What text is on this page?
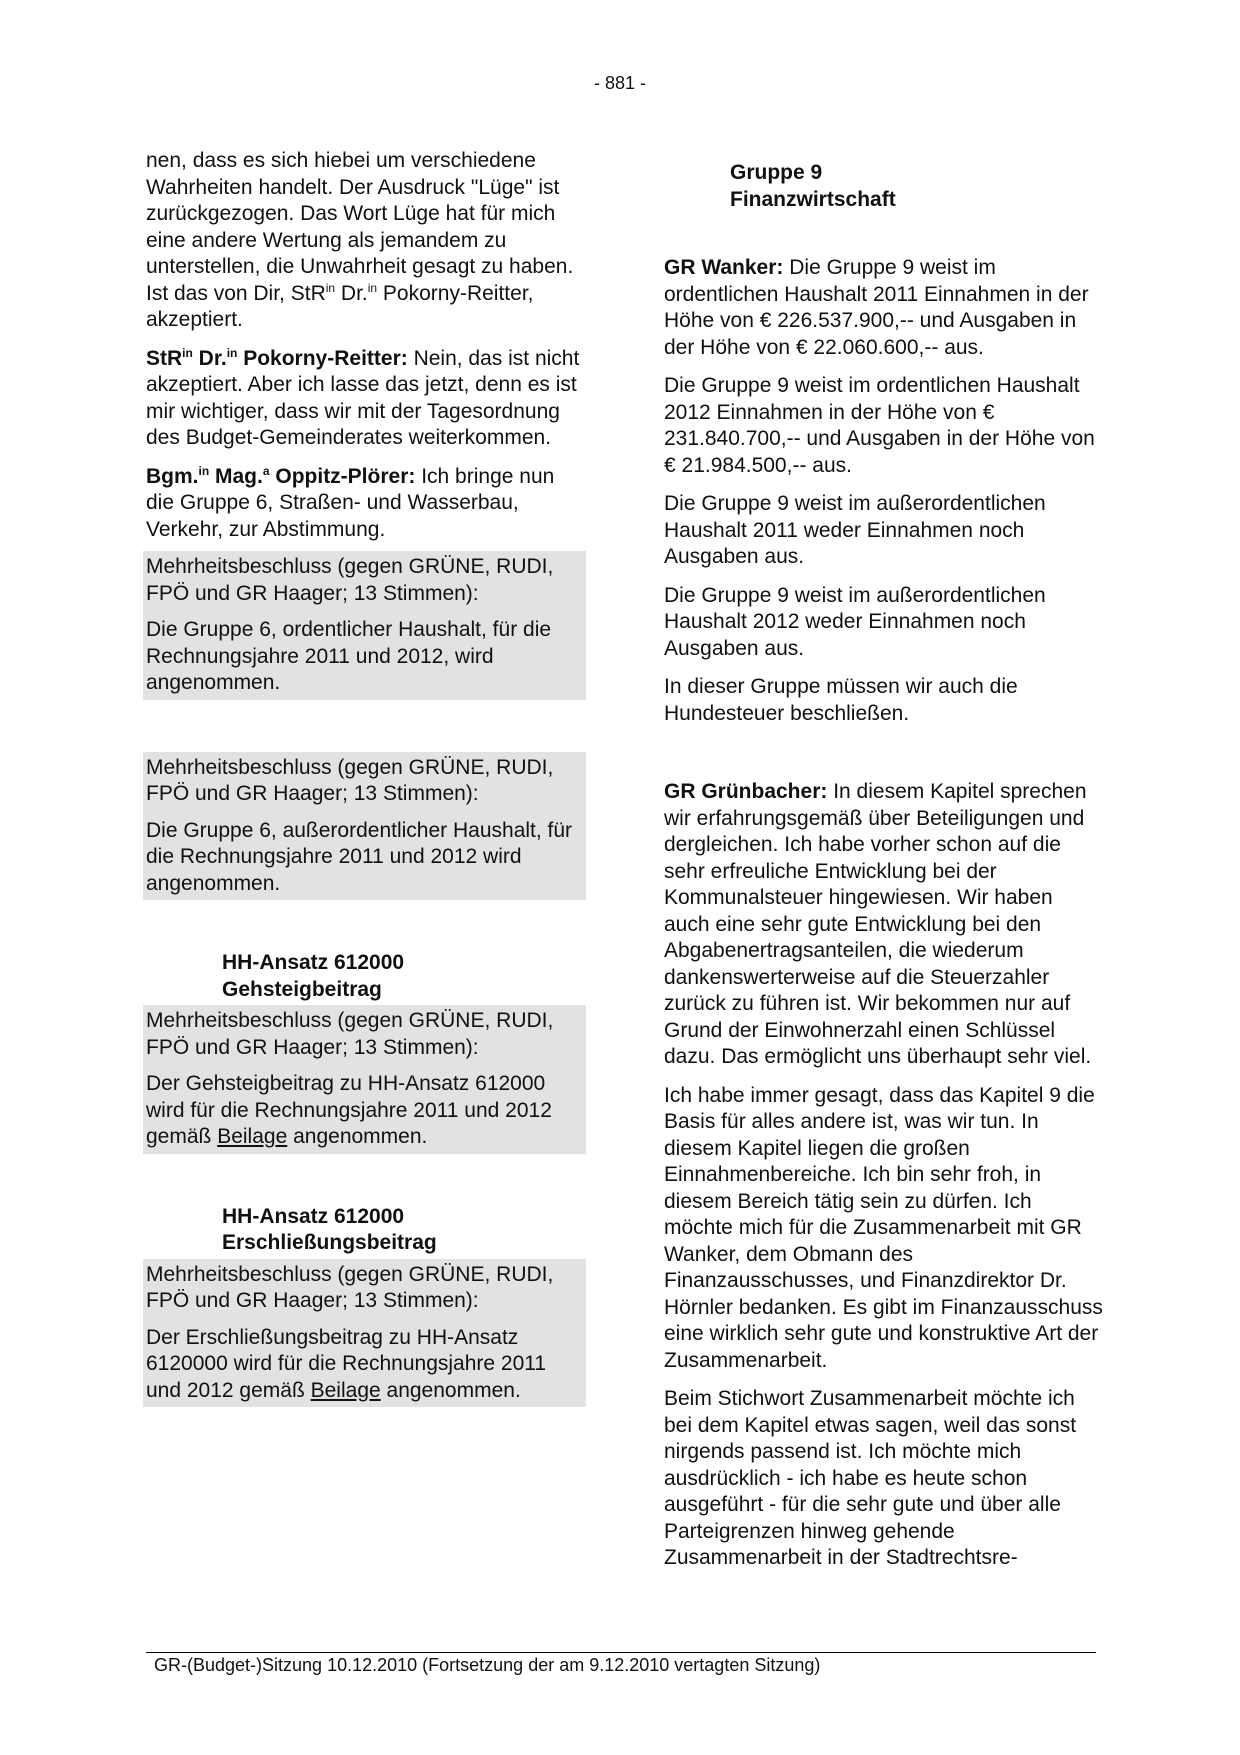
- 881 -
nen, dass es sich hiebei um verschiedene Wahrheiten handelt. Der Ausdruck "Lüge" ist zurückgezogen. Das Wort Lüge hat für mich eine andere Wertung als jemandem zu unterstellen, die Unwahrheit gesagt zu haben. Ist das von Dir, StR$^{in}$ Dr.$^{in}$ Pokorny-Reitter, akzeptiert.
StR$^{in}$ Dr.$^{in}$ Pokorny-Reitter: Nein, das ist nicht akzeptiert. Aber ich lasse das jetzt, denn es ist mir wichtiger, dass wir mit der Tagesordnung des Budget-Gemeinderates weiterkommen.
Bgm.$^{in}$ Mag.$^a$ Oppitz-Plörer: Ich bringe nun die Gruppe 6, Straßen- und Wasserbau, Verkehr, zur Abstimmung.
Mehrheitsbeschluss (gegen GRÜNE, RUDI, FPÖ und GR Haager; 13 Stimmen):
Die Gruppe 6, ordentlicher Haushalt, für die Rechnungsjahre 2011 und 2012, wird angenommen.
Mehrheitsbeschluss (gegen GRÜNE, RUDI, FPÖ und GR Haager; 13 Stimmen):
Die Gruppe 6, außerordentlicher Haushalt, für die Rechnungsjahre 2011 und 2012 wird angenommen.
HH-Ansatz 612000
Gehsteigbeitrag
Mehrheitsbeschluss (gegen GRÜNE, RUDI, FPÖ und GR Haager; 13 Stimmen):
Der Gehsteigbeitrag zu HH-Ansatz 612000 wird für die Rechnungsjahre 2011 und 2012 gemäß Beilage angenommen.
HH-Ansatz 612000
Erschließungsbeitrag
Mehrheitsbeschluss (gegen GRÜNE, RUDI, FPÖ und GR Haager; 13 Stimmen):
Der Erschließungsbeitrag zu HH-Ansatz 6120000 wird für die Rechnungsjahre 2011 und 2012 gemäß Beilage angenommen.
Gruppe 9
Finanzwirtschaft
GR Wanker: Die Gruppe 9 weist im ordentlichen Haushalt 2011 Einnahmen in der Höhe von € 226.537.900,-- und Ausgaben in der Höhe von € 22.060.600,-- aus.
Die Gruppe 9 weist im ordentlichen Haushalt 2012 Einnahmen in der Höhe von € 231.840.700,-- und Ausgaben in der Höhe von € 21.984.500,-- aus.
Die Gruppe 9 weist im außerordentlichen Haushalt 2011 weder Einnahmen noch Ausgaben aus.
Die Gruppe 9 weist im außerordentlichen Haushalt 2012 weder Einnahmen noch Ausgaben aus.
In dieser Gruppe müssen wir auch die Hundesteuer beschließen.
GR Grünbacher: In diesem Kapitel sprechen wir erfahrungsgemäß über Beteiligungen und dergleichen. Ich habe vorher schon auf die sehr erfreuliche Entwicklung bei der Kommunalsteuer hingewiesen. Wir haben auch eine sehr gute Entwicklung bei den Abgabenertragsanteilen, die wiederum dankenswerterweise auf die Steuerzahler zurück zu führen ist. Wir bekommen nur auf Grund der Einwohnerzahl einen Schlüssel dazu. Das ermöglicht uns überhaupt sehr viel.
Ich habe immer gesagt, dass das Kapitel 9 die Basis für alles andere ist, was wir tun. In diesem Kapitel liegen die großen Einnahmenbereiche. Ich bin sehr froh, in diesem Bereich tätig sein zu dürfen. Ich möchte mich für die Zusammenarbeit mit GR Wanker, dem Obmann des Finanzausschusses, und Finanzdirektor Dr. Hörnler bedanken. Es gibt im Finanzausschuss eine wirklich sehr gute und konstruktive Art der Zusammenarbeit.
Beim Stichwort Zusammenarbeit möchte ich bei dem Kapitel etwas sagen, weil das sonst nirgends passend ist. Ich möchte mich ausdrücklich - ich habe es heute schon ausgeführt - für die sehr gute und über alle Parteigrenzen hinweg gehende Zusammenarbeit in der Stadtrechtsre-
GR-(Budget-)Sitzung 10.12.2010 (Fortsetzung der am 9.12.2010 vertagten Sitzung)
